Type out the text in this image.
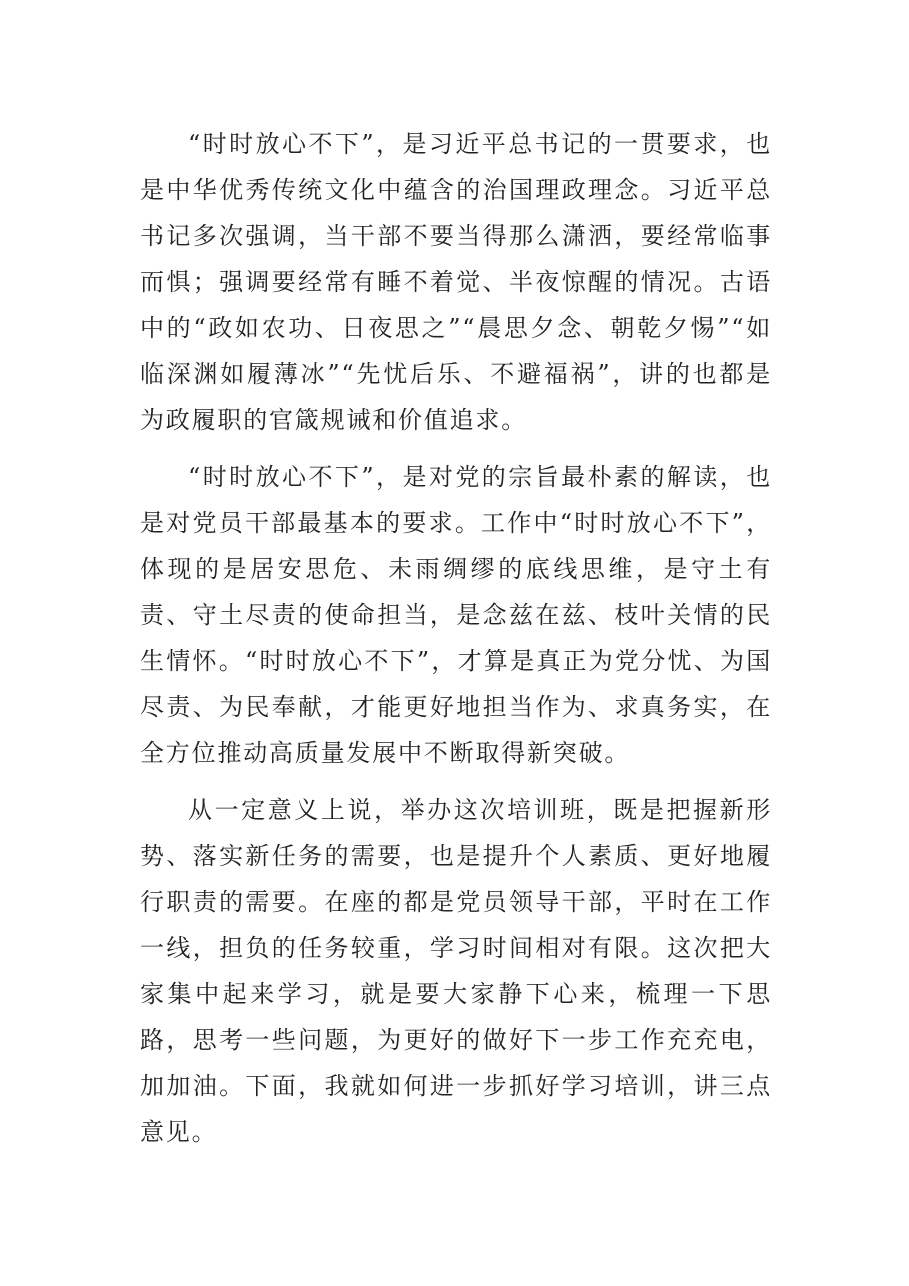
“时时放心不下”，是习近平总书记的一贯要求，也是中华优秀传统文化中蕴含的治国理政理念。习近平总书记多次强调，当干部不要当得那么潇洒，要经常临事而惧；强调要经常有睡不着觉、半夜惊醒的情况。古语中的“政如农功、日夜思之”“晨思夕念、朝乾夕惕”“如临深渊如履薄冰”“先忧后乐、不避福祸”，讲的也都是为政履职的官箴规诫和价值追求。

“时时放心不下”，是对党的宗旨最朴素的解读，也是对党员干部最基本的要求。工作中“时时放心不下”，体现的是居安思危、未雨绸缪的底线思维，是守土有责、守土尽责的使命担当，是念兹在兹、枝叶关情的民生情怀。“时时放心不下”，才算是真正为党分忧、为国尽责、为民奉献，才能更好地担当作为、求真务实，在全方位推动高质量发展中不断取得新突破。

从一定意义上说，举办这次培训班，既是把握新形势、落实新任务的需要，也是提升个人素质、更好地履行职责的需要。在座的都是党员领导干部，平时在工作一线，担负的任务较重，学习时间相对有限。这次把大家集中起来学习，就是要大家静下心来，梳理一下思路，思考一些问题，为更好的做好下一步工作充充电，加加油。下面，我就如何进一步抓好学习培训，讲三点意见。
